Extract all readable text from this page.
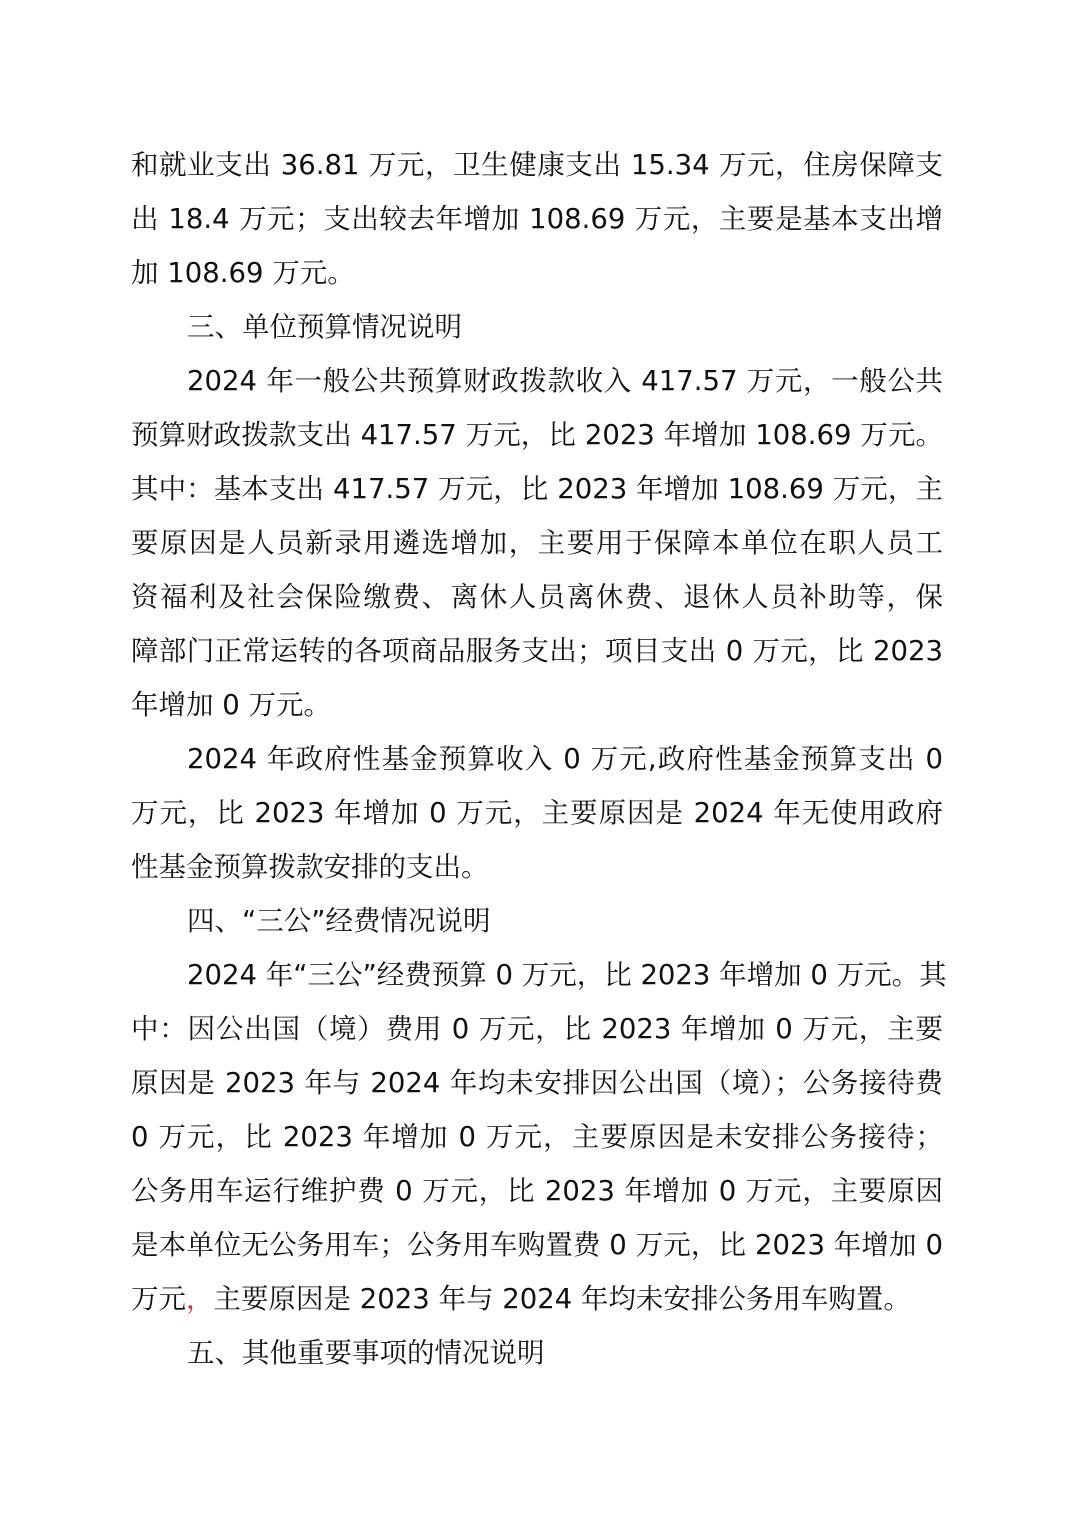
和就业支出 36.81 万元，卫生健康支出 15.34 万元，住房保障支
出 18.4 万元；支出较去年增加 108.69 万元，主要是基本支出增
加 108.69 万元。
三、单位预算情况说明
2024 年一般公共预算财政拨款收入 417.57 万元，一般公共
预算财政拨款支出 417.57 万元，比 2023 年增加 108.69 万元。
其中：基本支出 417.57 万元，比 2023 年增加 108.69 万元，主
要原因是人员新录用遴选增加，主要用于保障本单位在职人员工
资福利及社会保险缴费、离休人员离休费、退休人员补助等，保
障部门正常运转的各项商品服务支出；项目支出 0 万元，比 2023
年增加 0 万元。
2024 年政府性基金预算收入 0 万元,政府性基金预算支出 0
万元，比 2023 年增加 0 万元，主要原因是 2024 年无使用政府
性基金预算拨款安排的支出。
四、“三公”经费情况说明
2024 年“三公”经费预算 0 万元，比 2023 年增加 0 万元。其
中：因公出国（境）费用 0 万元，比 2023 年增加 0 万元，主要
原因是 2023 年与 2024 年均未安排因公出国（境）；公务接待费
0 万元，比 2023 年增加 0 万元，主要原因是未安排公务接待；
公务用车运行维护费 0 万元，比 2023 年增加 0 万元，主要原因
是本单位无公务用车；公务用车购置费 0 万元，比 2023 年增加 0
万元，主要原因是 2023 年与 2024 年均未安排公务用车购置。
五、其他重要事项的情况说明
